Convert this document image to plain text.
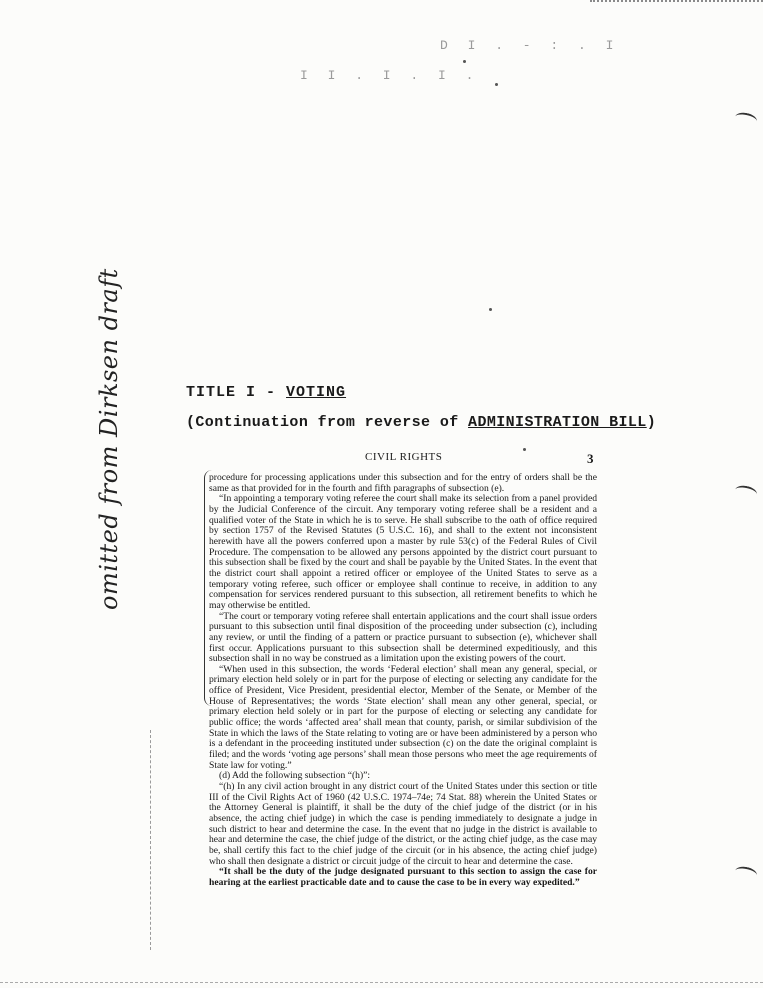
D I . - : . I
I I . I . I .
TITLE I - VOTING
(Continuation from reverse of ADMINISTRATION BILL)
CIVIL RIGHTS	3
omitted from Dirksen draft	procedure for processing applications under this subsection and for the entry of orders shall be the same as that provided for in the fourth and fifth paragraphs of subsection (e).

“In appointing a temporary voting referee the court shall make its selection from a panel provided by the Judicial Conference of the circuit. Any temporary voting referee shall be a resident and a qualified voter of the State in which he is to serve. He shall subscribe to the oath of office required by section 1757 of the Revised Statutes (5 U.S.C. 16), and shall to the extent not inconsistent herewith have all the powers conferred upon a master by rule 53(c) of the Federal Rules of Civil Procedure. The compensation to be allowed any persons appointed by the district court pursuant to this subsection shall be fixed by the court and shall be payable by the United States. In the event that the district court shall appoint a retired officer or employee of the United States to serve as a temporary voting referee, such officer or employee shall continue to receive, in addition to any compensation for services rendered pursuant to this subsection, all retirement benefits to which he may otherwise be entitled.

“The court or temporary voting referee shall entertain applications and the court shall issue orders pursuant to this subsection until final disposition of the proceeding under subsection (c), including any review, or until the finding of a pattern or practice pursuant to subsection (e), whichever shall first occur. Applications pursuant to this subsection shall be determined expeditiously, and this subsection shall in no way be construed as a limitation upon the existing powers of the court.

“When used in this subsection, the words ‘Federal election’ shall mean any general, special, or primary election held solely or in part for the purpose of electing or selecting any candidate for the office of President, Vice President, presidential elector, Member of the Senate, or Member of the House of Representatives; the words ‘State election’ shall mean any other general, special, or primary election held solely or in part for the purpose of electing or selecting any candidate for public office; the words ‘affected area’ shall mean that county, parish, or similar subdivision of the State in which the laws of the State relating to voting are or have been administered by a person who is a defendant in the proceeding instituted under subsection (c) on the date the original complaint is filed; and the words ‘voting age persons’ shall mean those persons who meet the age requirements of State law for voting.”

(d) Add the following subsection “(h)”:

“(h) In any civil action brought in any district court of the United States under this section or title III of the Civil Rights Act of 1960 (42 U.S.C. 1974–74e; 74 Stat. 88) wherein the United States or the Attorney General is plaintiff, it shall be the duty of the chief judge of the district (or in his absence, the acting chief judge) in which the case is pending immediately to designate a judge in such district to hear and determine the case. In the event that no judge in the district is available to hear and determine the case, the chief judge of the district, or the acting chief judge, as the case may be, shall certify this fact to the chief judge of the circuit (or in his absence, the acting chief judge) who shall then designate a district or circuit judge of the circuit to hear and determine the case.

“It shall be the duty of the judge designated pursuant to this section to assign the case for hearing at the earliest practicable date and to cause the case to be in every way expedited.”
